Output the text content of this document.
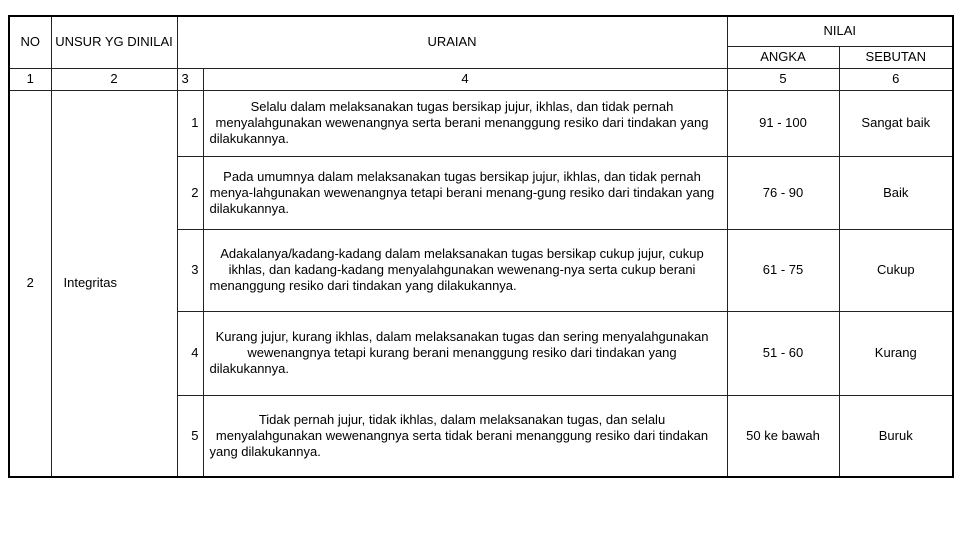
NO	UNSUR YG DINILAI	URAIAN		NILAI	
				ANGKA	SEBUTAN
1	2	3	4	5	6
2	Integritas	1	Selalu dalam melaksanakan tugas bersikap jujur, ikhlas, dan tidak pernah menyalahgunakan wewenangnya serta berani menanggung resiko dari tindakan yang dilakukannya.	91 - 100	Sangat baik
		2	Pada umumnya dalam melaksanakan tugas bersikap jujur, ikhlas, dan tidak pernah menya-lahgunakan wewenangnya tetapi berani menang-gung resiko dari tindakan yang dilakukannya.	76 - 90	Baik
		3	Adakalanya/kadang-kadang dalam melaksanakan tugas bersikap cukup jujur, cukup ikhlas, dan kadang-kadang menyalahgunakan wewenang-nya serta cukup berani menanggung resiko dari tindakan yang dilakukannya.	61 - 75	Cukup
		4	Kurang jujur, kurang ikhlas, dalam melaksanakan tugas dan sering menyalahgunakan wewenangnya tetapi kurang berani menanggung resiko dari tindakan yang dilakukannya.	51 - 60	Kurang
		5	Tidak pernah jujur, tidak ikhlas, dalam melaksanakan tugas, dan selalu menyalahgunakan wewenangnya serta tidak berani menanggung resiko dari tindakan yang dilakukannya.	50 ke bawah	Buruk
